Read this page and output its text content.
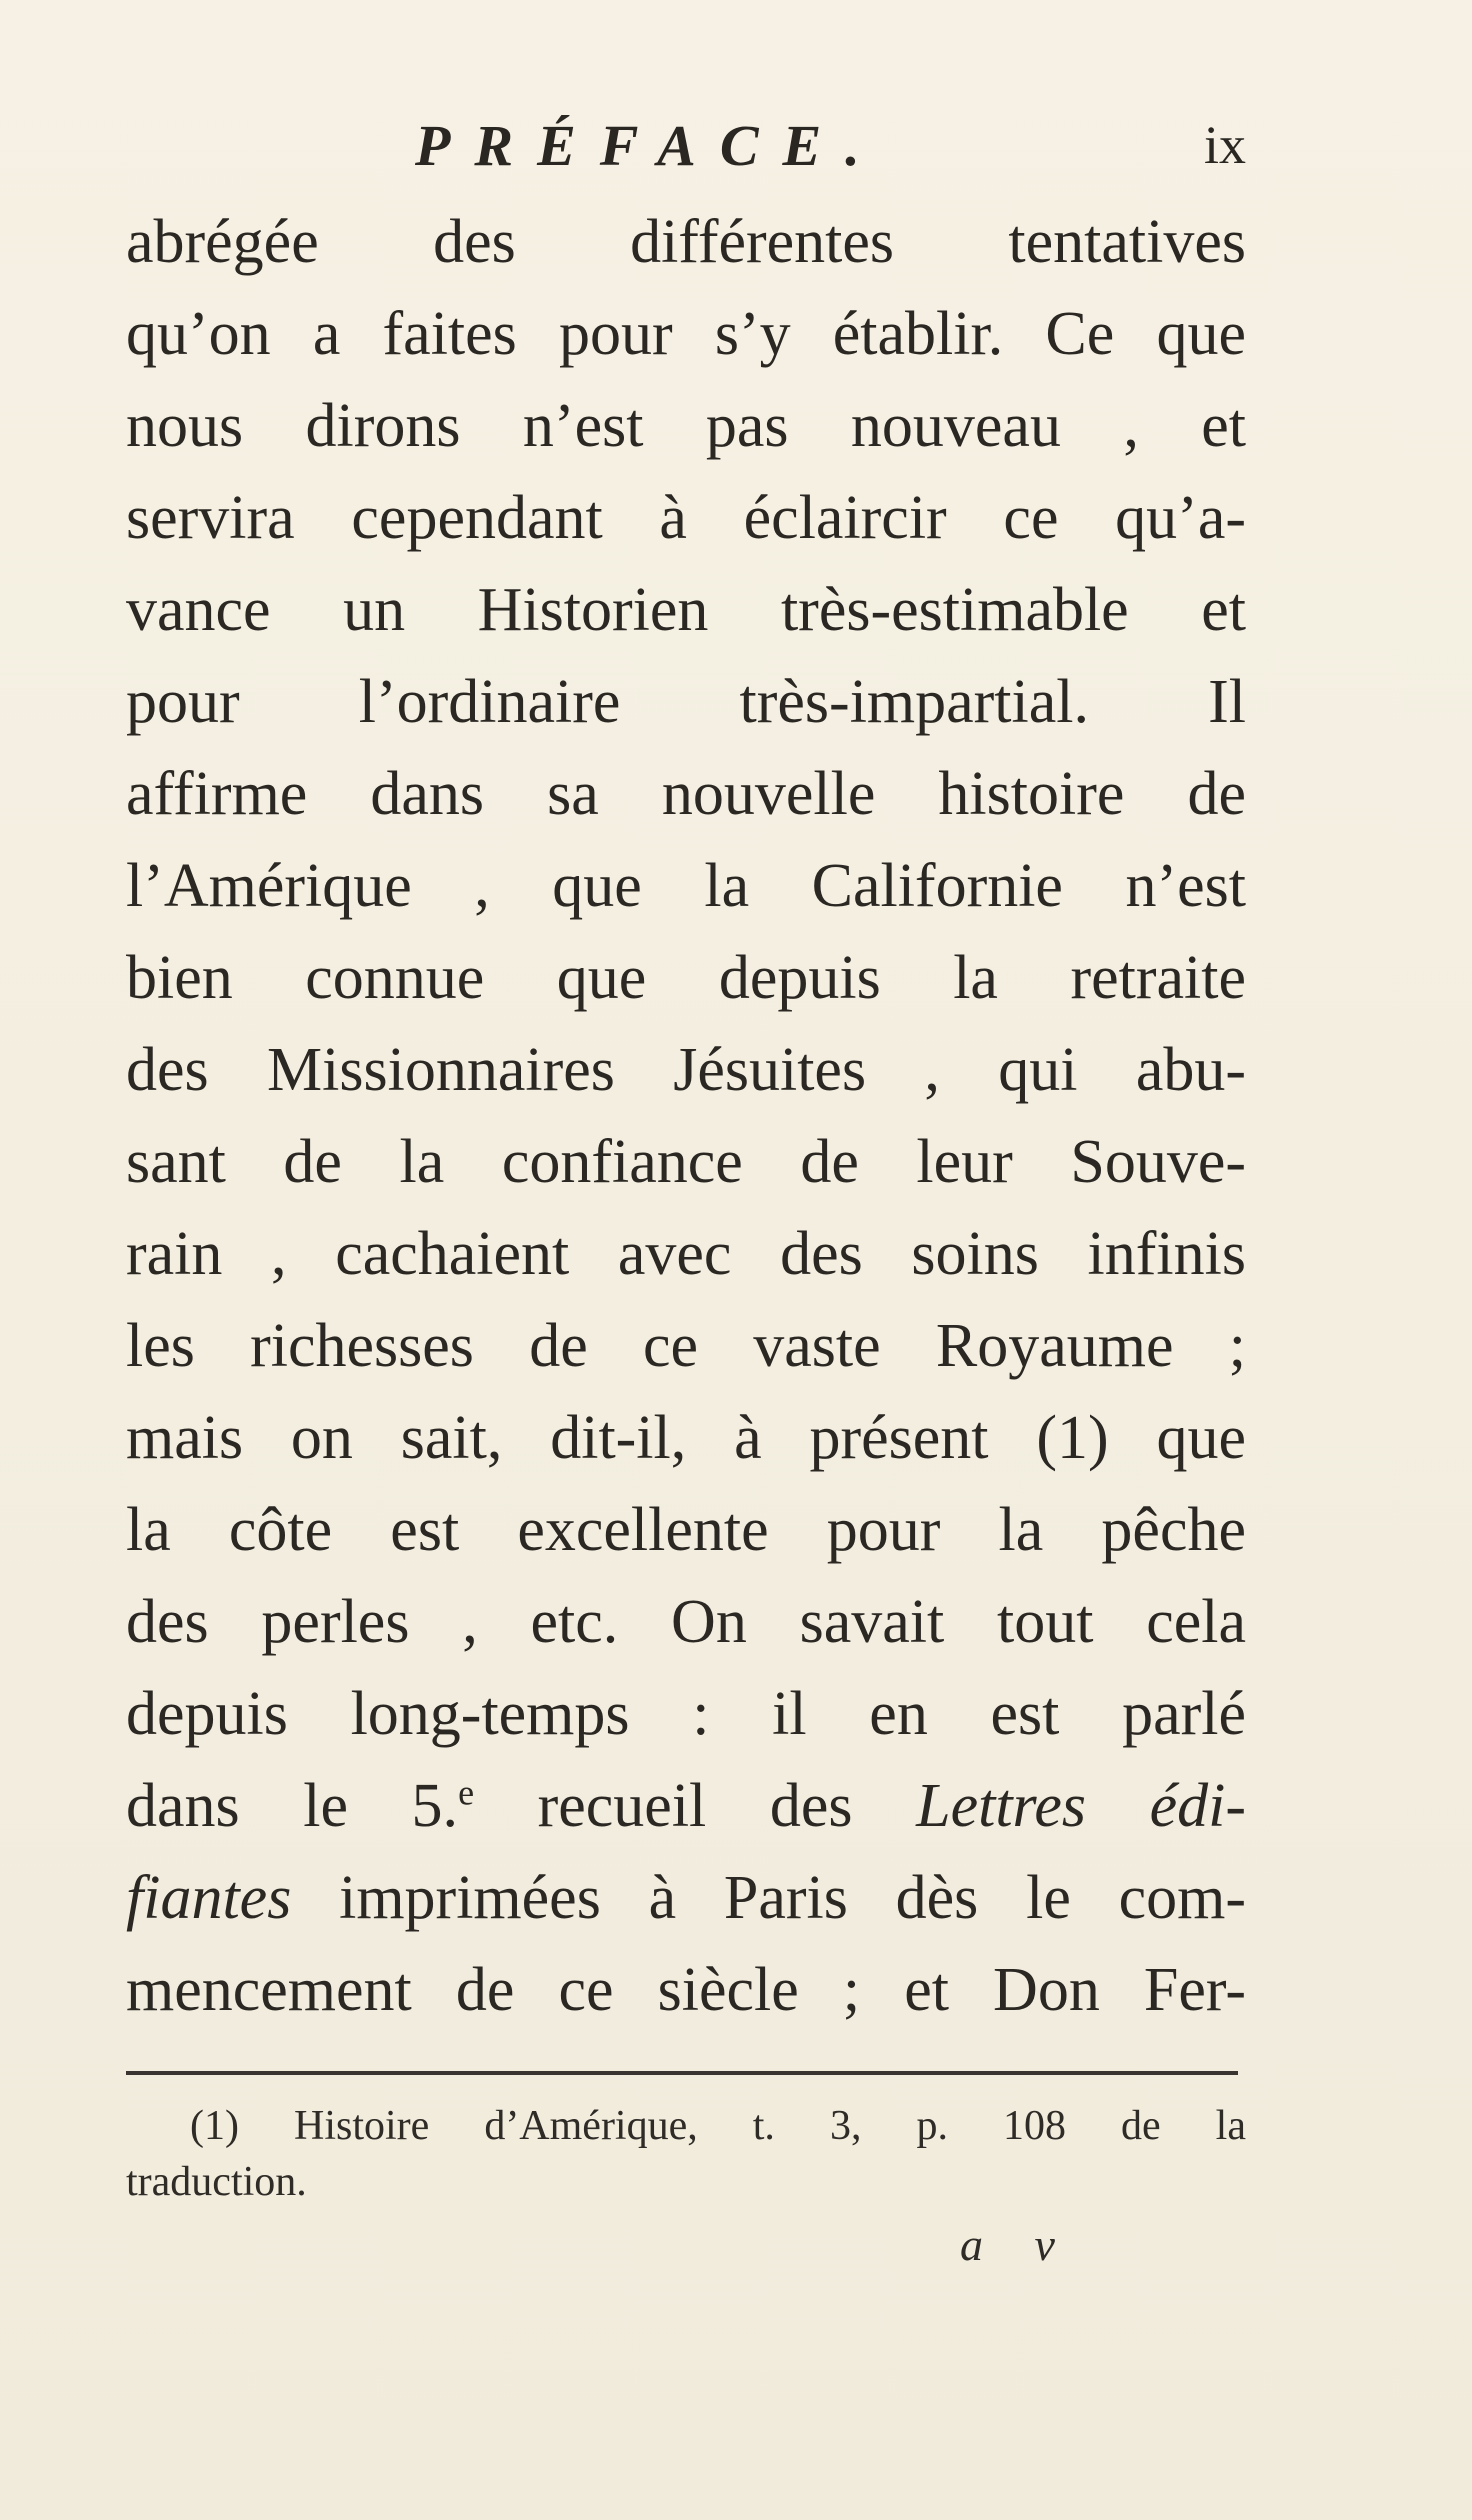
PRÉFACE.	ix
abrégée des différentes tentatives
qu’on a faites pour s’y établir. Ce que
nous dirons n’est pas nouveau , et
servira cependant à éclaircir ce qu’a-
vance un Historien très-estimable et
pour l’ordinaire très-impartial. Il
affirme dans sa nouvelle histoire de
l’Amérique , que la Californie n’est
bien connue que depuis la retraite
des Missionnaires Jésuites , qui abu-
sant de la confiance de leur Souve-
rain , cachaient avec des soins infinis
les richesses de ce vaste Royaume ;
mais on sait, dit-il, à présent (1) que
la côte est excellente pour la pêche
des perles , etc. On savait tout cela
depuis long-temps : il en est parlé
dans le 5.$^e$ recueil des Lettres édi-
fiantes imprimées à Paris dès le com-
mencement de ce siècle ; et Don Fer-
(1) Histoire d’Amérique, t. 3, p. 108 de la
traduction.
a v
